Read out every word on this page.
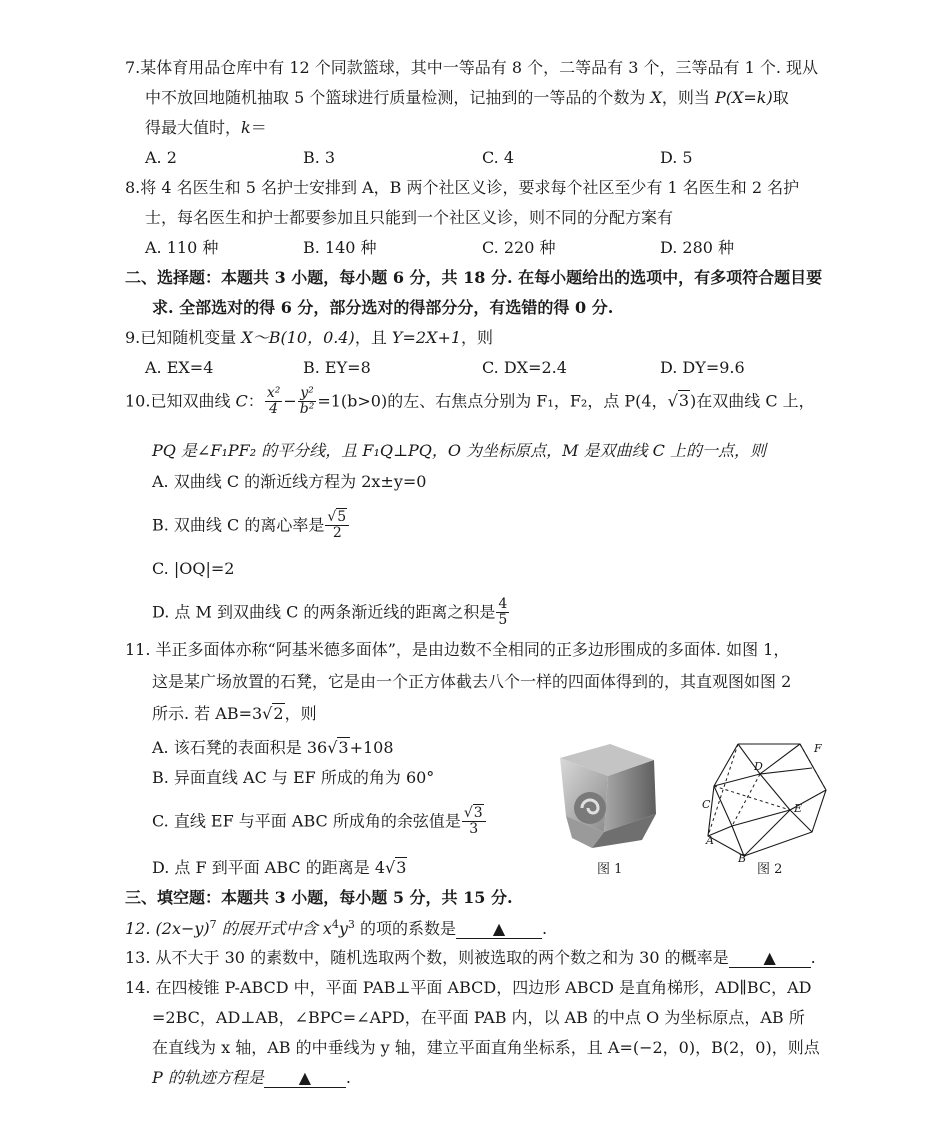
7.某体育用品仓库中有 12 个同款篮球，其中一等品有 8 个，二等品有 3 个，三等品有 1 个. 现从
中不放回地随机抽取 5 个篮球进行质量检测，记抽到的一等品的个数为 X，则当 P(X=k)取
得最大值时，k＝
A. 2	B. 3	C. 4	D. 5
8.将 4 名医生和 5 名护士安排到 A，B 两个社区义诊，要求每个社区至少有 1 名医生和 2 名护
士，每名医生和护士都要参加且只能到一个社区义诊，则不同的分配方案有
A. 110 种	B. 140 种	C. 220 种	D. 280 种
二、选择题：本题共 3 小题，每小题 6 分，共 18 分. 在每小题给出的选项中，有多项符合题目要
求. 全部选对的得 6 分，部分选对的得部分分，有选错的得 0 分.
9.已知随机变量 X～B(10，0.4)，且 Y=2X+1，则
A. EX=4	B. EY=8	C. DX=2.4	D. DY=9.6
10.已知双曲线 C： $\frac{\text{x²}}{4} - \frac{\text{y²}}{\text{b²}} =1(b>0)$的左、右焦点分别为 F₁，F₂，点 P(4，√3)在双曲线 C 上，
PQ 是∠F₁PF₂ 的平分线，且 F₁Q⊥PQ，O 为坐标原点，M 是双曲线 C 上的一点，则
A. 双曲线 C 的渐近线方程为 2x±y=0
B. 双曲线 C 的离心率是 $\frac{√5}{2}$
C. |OQ|=2
D. 点 M 到双曲线 C 的两条渐近线的距离之积是 $\frac{4}{5}$
11. 半正多面体亦称“阿基米德多面体”，是由边数不全相同的正多边形围成的多面体. 如图 1，
这是某广场放置的石凳，它是由一个正方体截去八个一样的四面体得到的，其直观图如图 2
所示. 若 AB=3√2，则
A. 该石凳的表面积是 36√3+108
B. 异面直线 AC 与 EF 所成的角为 60°
C. 直线 EF 与平面 ABC 所成角的余弦值是 $\frac{√3}{3}$
D. 点 F 到平面 ABC 的距离是 4√3	图 1
D
F
C	E
A
B
图 2
三、填空题：本题共 3 小题，每小题 5 分，共 15 分.
12. $(2x-y)^7$ 的展开式中含 $x^4y^3$ 的项的系数是 ▲ .
13. 从不大于 30 的素数中，随机选取两个数，则被选取的两个数之和为 30 的概率是 ▲ .
14. 在四棱锥 P-ABCD 中，平面 PAB⊥平面 ABCD，四边形 ABCD 是直角梯形，AD∥BC，AD
=2BC，AD⊥AB，∠BPC=∠APD，在平面 PAB 内，以 AB 的中点 O 为坐标原点，AB 所
在直线为 x 轴，AB 的中垂线为 y 轴，建立平面直角坐标系，且 A=(−2，0)，B(2，0)，则点
P 的轨迹方程是 ▲ .
